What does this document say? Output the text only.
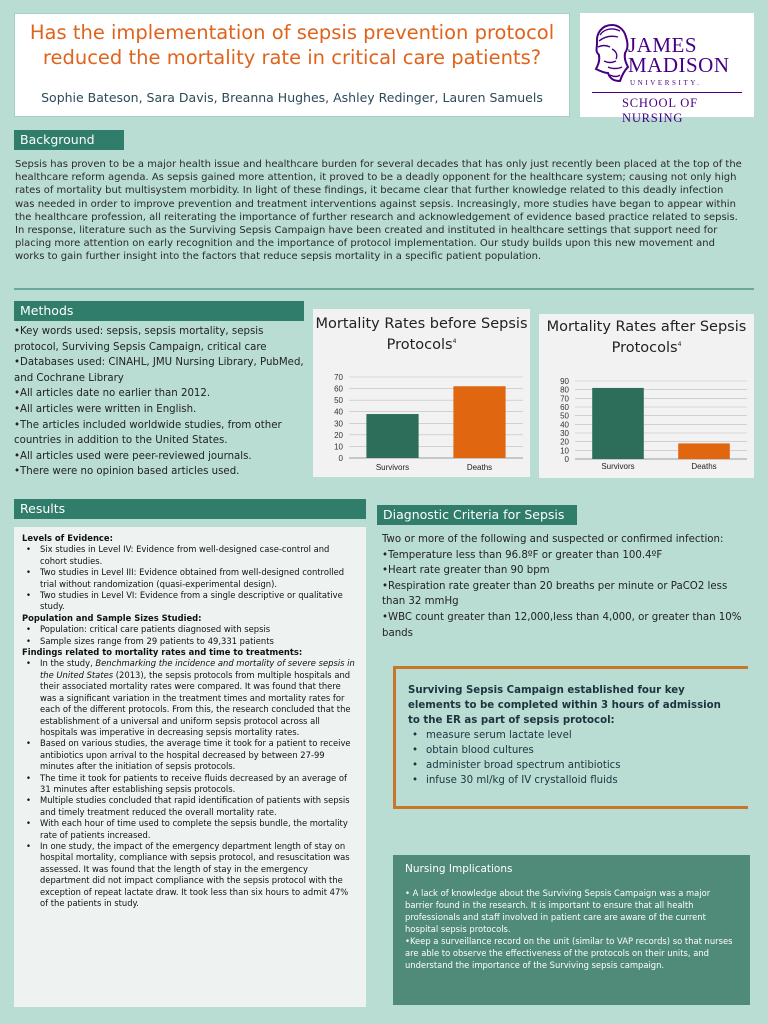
Has the implementation of sepsis prevention protocol
reduced the mortality rate in critical care patients?
Sophie Bateson, Sara Davis, Breanna Hughes, Ashley Redinger, Lauren Samuels
JAMES
MADISON
UNIVERSITY.
SCHOOL OF NURSING
Background
Sepsis has proven to be a major health issue and healthcare burden for several decades that has only just recently been placed at the top of the healthcare reform agenda. As sepsis gained more attention, it proved to be a deadly opponent for the healthcare system; causing not only high rates of mortality but multisystem morbidity. In light of these findings, it became clear that further knowledge related to this deadly infection was needed in order to improve prevention and treatment interventions against sepsis. Increasingly, more studies have began to appear within the healthcare profession, all reiterating the importance of further research and acknowledgement of evidence based practice related to sepsis. In response, literature such as the Surviving Sepsis Campaign have been created and instituted in healthcare settings that support need for placing more attention on early recognition and the importance of protocol implementation. Our study builds upon this new movement and works to gain further insight into the factors that reduce sepsis mortality in a specific patient population.
Methods
•Key words used: sepsis, sepsis mortality, sepsis protocol, Surviving Sepsis Campaign, critical care
•Databases used: CINAHL, JMU Nursing Library, PubMed, and Cochrane Library
•All articles date no earlier than 2012.
•All articles were written in English.
•The articles included worldwide studies, from other countries in addition to the United States.
•All articles used were peer-reviewed journals.
•There were no opinion based articles used.
Mortality Rates before Sepsis
Protocols$^4$
0
10
20
30
40
50
60
70
Survivors	Deaths
Mortality Rates after Sepsis
Protocols$^4$
0
10
20
30
40
50
60
70
80
90
Survivors	Deaths
Results
Levels of Evidence:
• Six studies in Level IV: Evidence from well-designed case-control and cohort studies.
• Two studies in Level III: Evidence obtained from well-designed controlled trial without randomization (quasi-experimental design).
• Two studies in Level VI: Evidence from a single descriptive or qualitative study.
Population and Sample Sizes Studied:
• Population: critical care patients diagnosed with sepsis
• Sample sizes range from 29 patients to 49,331 patients
Findings related to mortality rates and time to treatments:
• In the study, Benchmarking the incidence and mortality of severe sepsis in the United States (2013), the sepsis protocols from multiple hospitals and their associated mortality rates were compared. It was found that there was a significant variation in the treatment times and mortality rates for each of the different protocols. From this, the research concluded that the establishment of a universal and uniform sepsis protocol across all hospitals was imperative in decreasing sepsis mortality rates.
• Based on various studies, the average time it took for a patient to receive antibiotics upon arrival to the hospital decreased by between 27-99 minutes after the initiation of sepsis protocols.
• The time it took for patients to receive fluids decreased by an average of 31 minutes after establishing sepsis protocols.
• Multiple studies concluded that rapid identification of patients with sepsis and timely treatment reduced the overall mortality rate.
• With each hour of time used to complete the sepsis bundle, the mortality rate of patients increased.
• In one study, the impact of the emergency department length of stay on hospital mortality, compliance with sepsis protocol, and resuscitation was assessed. It was found that the length of stay in the emergency department did not impact compliance with the sepsis protocol with the exception of repeat lactate draw. It took less than six hours to admit 47% of the patients in study.
Diagnostic Criteria for Sepsis
Two or more of the following and suspected or confirmed infection:
•Temperature less than 96.8ºF or greater than 100.4ºF
•Heart rate greater than 90 bpm
•Respiration rate greater than 20 breaths per minute or PaCO2 less than 32 mmHg
•WBC count greater than 12,000,less than 4,000, or greater than 10% bands
Surviving Sepsis Campaign established four key elements to be completed within 3 hours of admission to the ER as part of sepsis protocol:
• measure serum lactate level
• obtain blood cultures
• administer broad spectrum antibiotics
• infuse 30 ml/kg of IV crystalloid fluids
Nursing Implications

• A lack of knowledge about the Surviving Sepsis Campaign was a major barrier found in the research. It is important to ensure that all health professionals and staff involved in patient care are aware of the current hospital sepsis protocols.

•Keep a surveillance record on the unit (similar to VAP records) so that nurses are able to observe the effectiveness of the protocols on their units, and understand the importance of the Surviving sepsis campaign.
